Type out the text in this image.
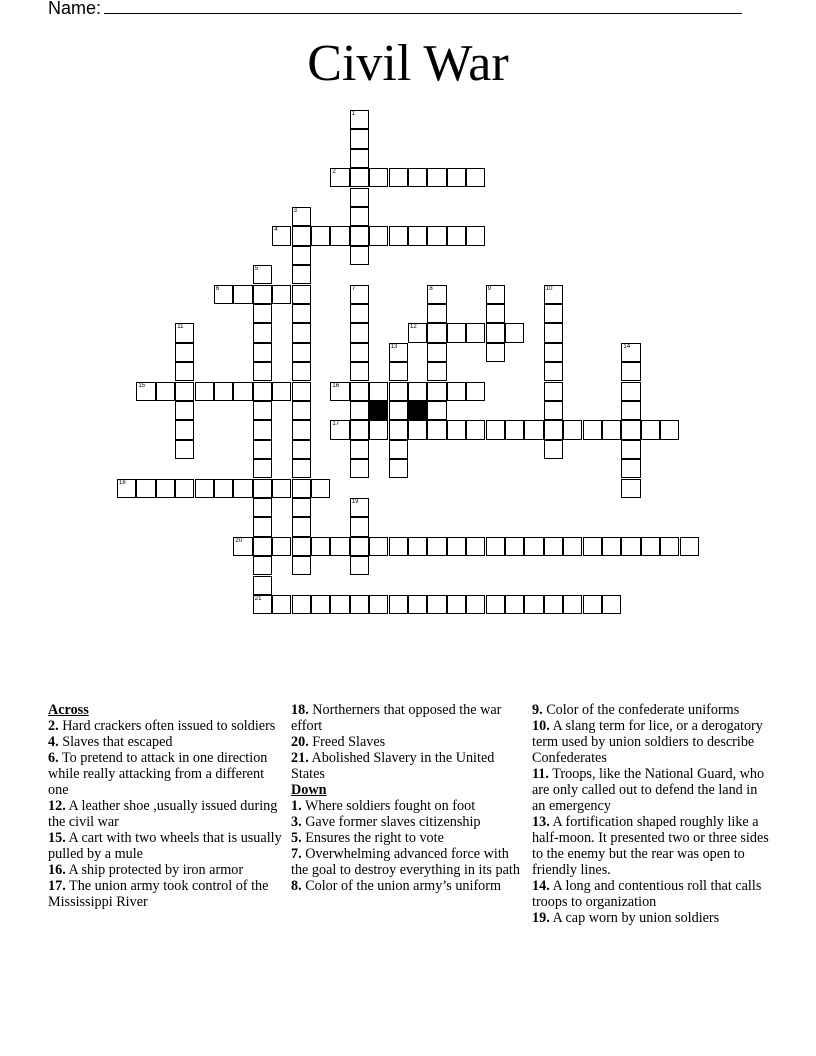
Name:
Civil War
1
3
5
21
7	8	9	10
11
13	14
19
2
4
6
12
15	16
17
18
20
Across

2. Hard crackers often issued to soldiers

4. Slaves that escaped

6. To pretend to attack in one direction while really attacking from a different one

12. A leather shoe ,usually issued during the civil war

15. A cart with two wheels that is usually pulled by a mule

16. A ship protected by iron armor

17. The union army took control of the Mississippi River

18. Northerners that opposed the war effort

20. Freed Slaves

21. Abolished Slavery in the United States

Down

1. Where soldiers fought on foot

3. Gave former slaves citizenship

5. Ensures the right to vote

7. Overwhelming advanced force with the goal to destroy everything in its path

8. Color of the union army’s uniform

9. Color of the confederate uniforms

10. A slang term for lice, or a derogatory term used by union soldiers to describe Confederates

11. Troops, like the National Guard, who are only called out to defend the land in an emergency

13. A fortification shaped roughly like a half-moon. It presented two or three sides to the enemy but the rear was open to friendly lines.

14. A long and contentious roll that calls troops to organization

19. A cap worn by union soldiers
